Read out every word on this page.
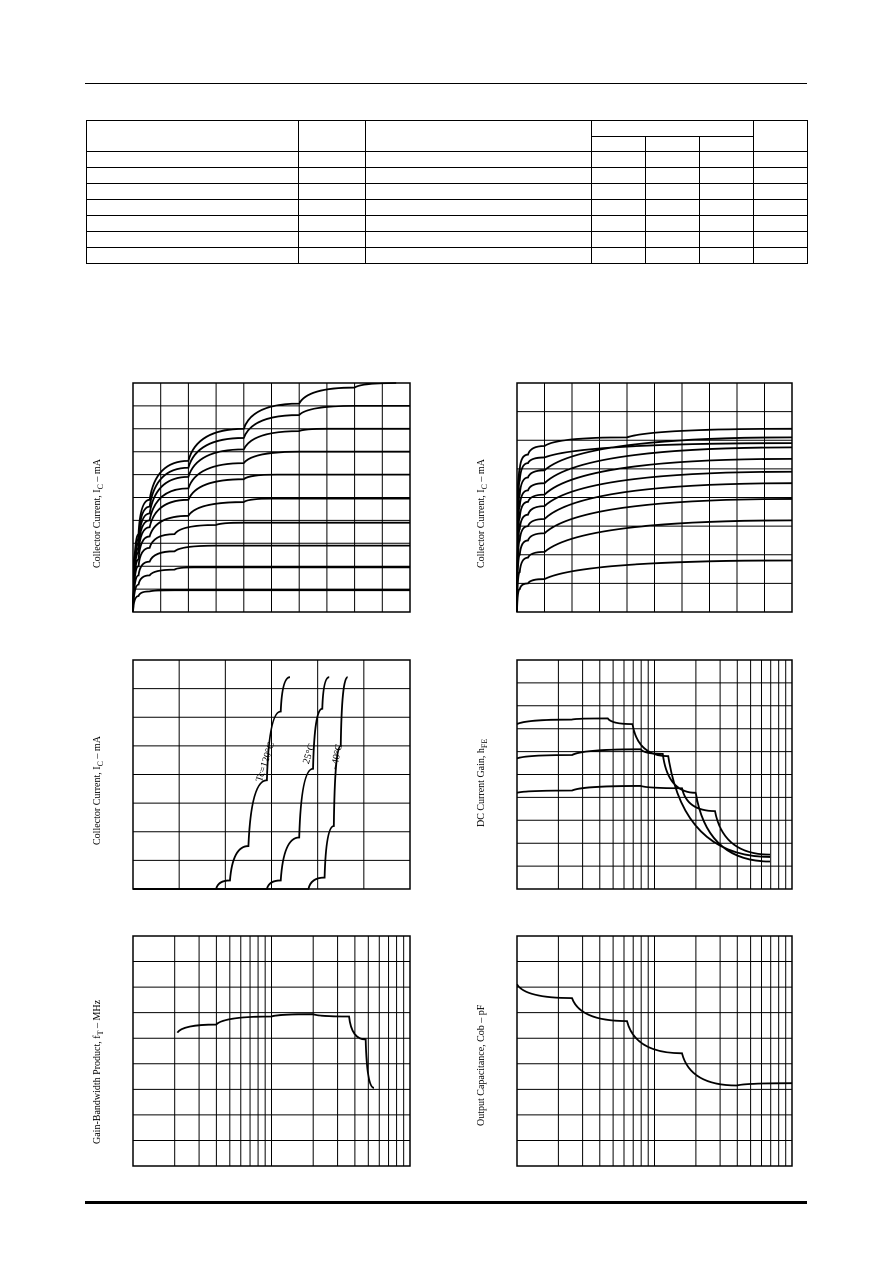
Collector Current, $I_C$ – mA
Collector Current, $I_C$ – mA
Collector Current, $I_C$ – mA	Tc=120°C 25°C –40°C	DC Current Gain, $h_{FE}$
Gain-Bandwidth Product, $f_T$ – MHz	Output Capacitance, Cob – pF
